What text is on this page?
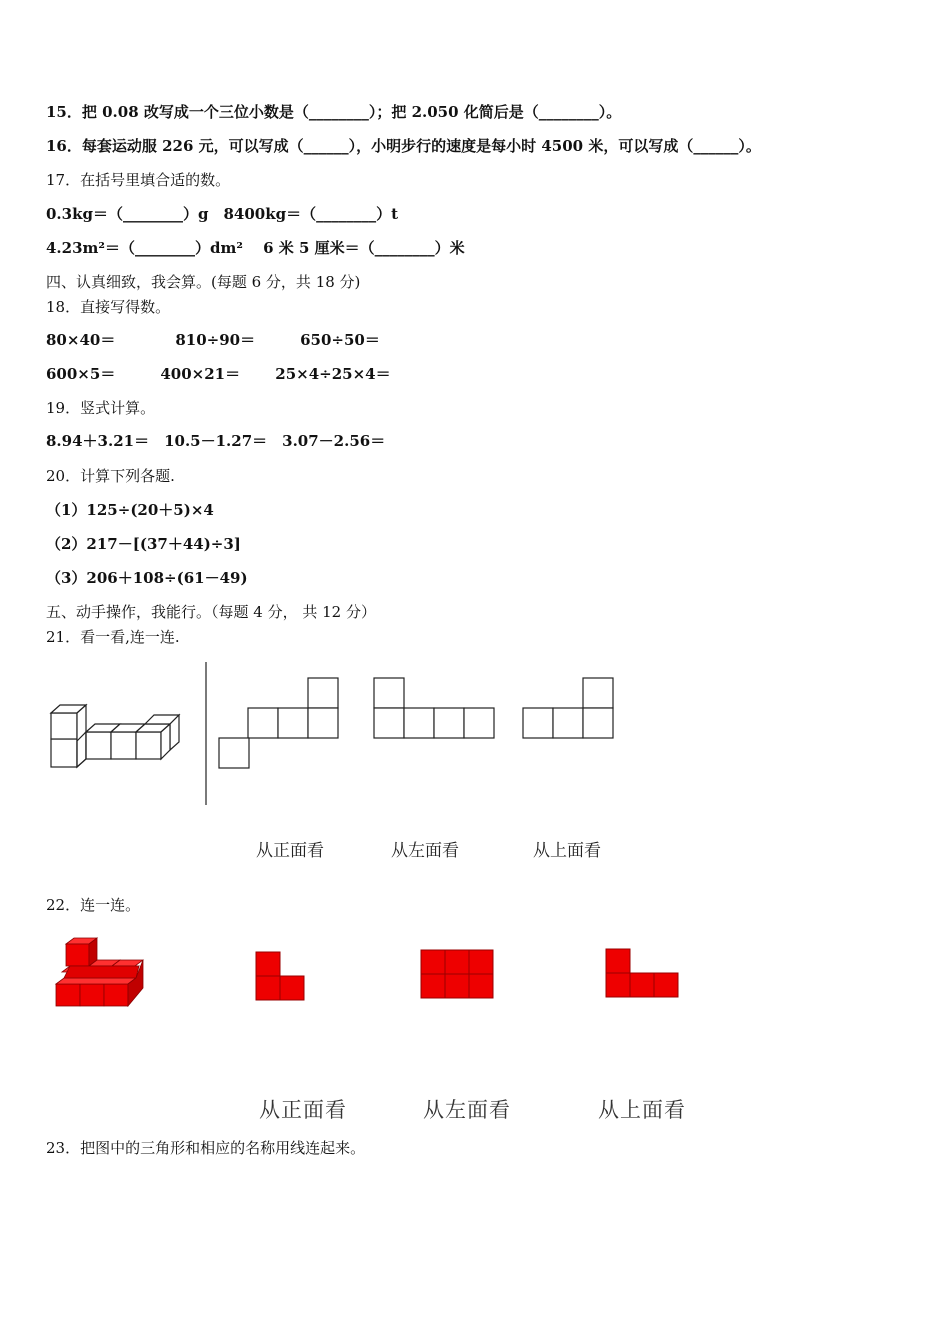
15．把 0.08 改写成一个三位小数是（________）；把 2.050 化简后是（________）。
16．每套运动服 226 元，可以写成（______），小明步行的速度是每小时 4500 米，可以写成（______）。
17．在括号里填合适的数。
0.3kg＝（________）g　8400kg＝（________）t
4.23m²＝（________）dm²　 6 米 5 厘米＝（________）米
四、认真细致，我会算。(每题 6 分，共 18 分)
18．直接写得数。
80×40＝　　　　810÷90＝　　　650÷50＝
600×5＝　　　400×21＝　　 25×4÷25×4＝
19．竖式计算。
8.94＋3.21＝　10.5－1.27＝　3.07－2.56＝
20．计算下列各题.
（1）125÷(20＋5)×4
（2）217－[(37＋44)÷3]
（3）206＋108÷(61－49)
五、动手操作，我能行。（每题 4 分， 共 12 分）
21．看一看,连一连.
从正面看	从左面看	从上面看
22．连一连。
从正面看	从左面看	从上面看
23．把图中的三角形和相应的名称用线连起来。
